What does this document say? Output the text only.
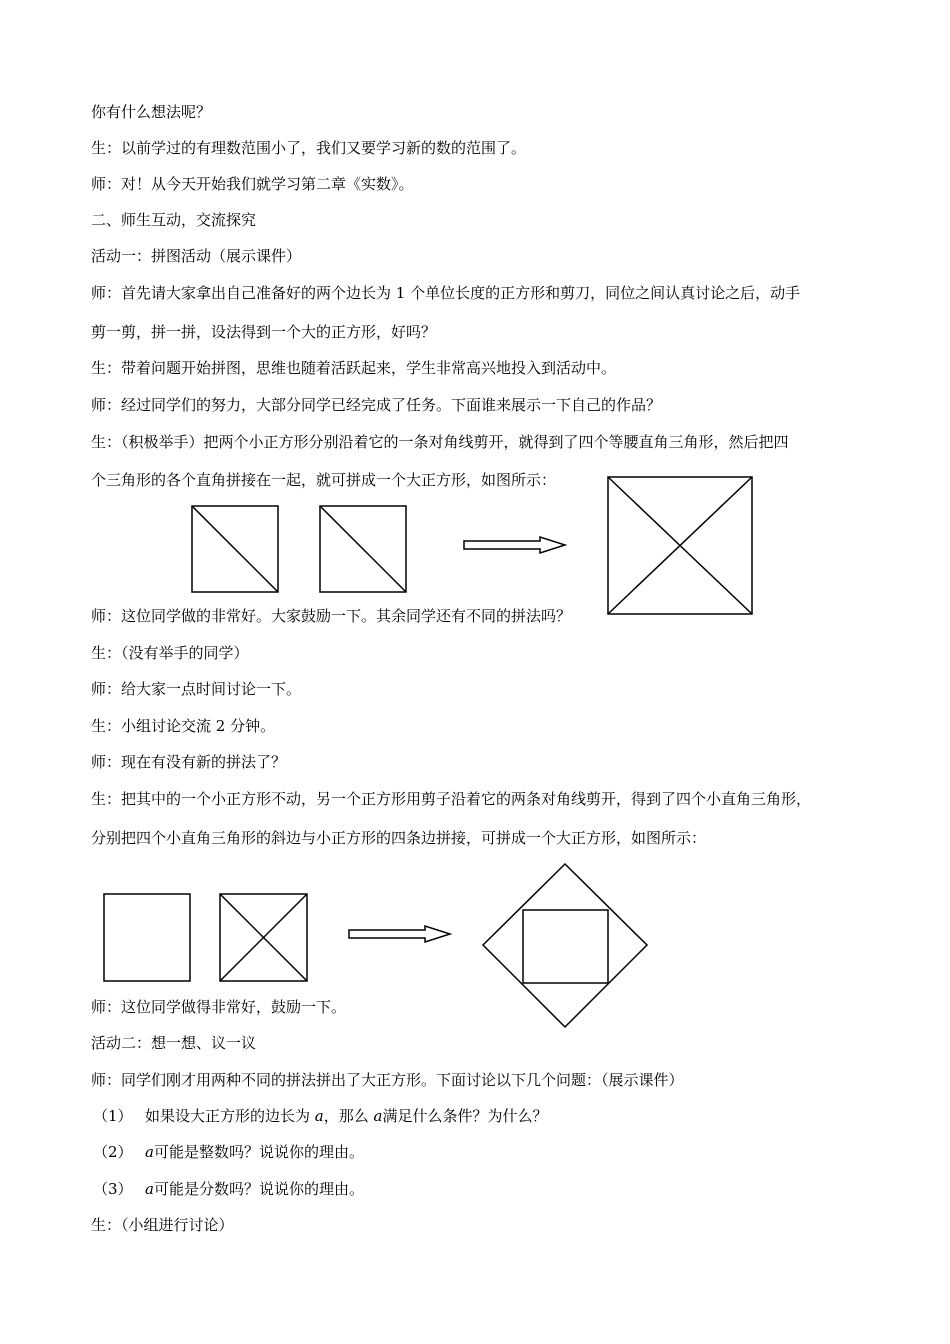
你有什么想法呢？
生：以前学过的有理数范围小了，我们又要学习新的数的范围了。
师：对！从今天开始我们就学习第二章《实数》。
二、师生互动，交流探究
活动一：拼图活动（展示课件）
师：首先请大家拿出自己准备好的两个边长为 1 个单位长度的正方形和剪刀，同位之间认真讨论之后，动手
剪一剪，拼一拼，设法得到一个大的正方形，好吗？
生：带着问题开始拼图，思维也随着活跃起来，学生非常高兴地投入到活动中。
师：经过同学们的努力，大部分同学已经完成了任务。下面谁来展示一下自己的作品？
生：（积极举手）把两个小正方形分别沿着它的一条对角线剪开，就得到了四个等腰直角三角形，然后把四
个三角形的各个直角拼接在一起，就可拼成一个大正方形，如图所示：
师：这位同学做的非常好。大家鼓励一下。其余同学还有不同的拼法吗？
生：（没有举手的同学）
师：给大家一点时间讨论一下。
生：小组讨论交流 2 分钟。
师：现在有没有新的拼法了？
生：把其中的一个小正方形不动，另一个正方形用剪子沿着它的两条对角线剪开，得到了四个小直角三角形，
分别把四个小直角三角形的斜边与小正方形的四条边拼接，可拼成一个大正方形，如图所示：
师：这位同学做得非常好，鼓励一下。
活动二：想一想、议一议
师：同学们刚才用两种不同的拼法拼出了大正方形。下面讨论以下几个问题：（展示课件）
（1） 如果设大正方形的边长为 a，那么 a满足什么条件？为什么？
（2） a可能是整数吗？说说你的理由。
（3） a可能是分数吗？说说你的理由。
生：（小组进行讨论）
